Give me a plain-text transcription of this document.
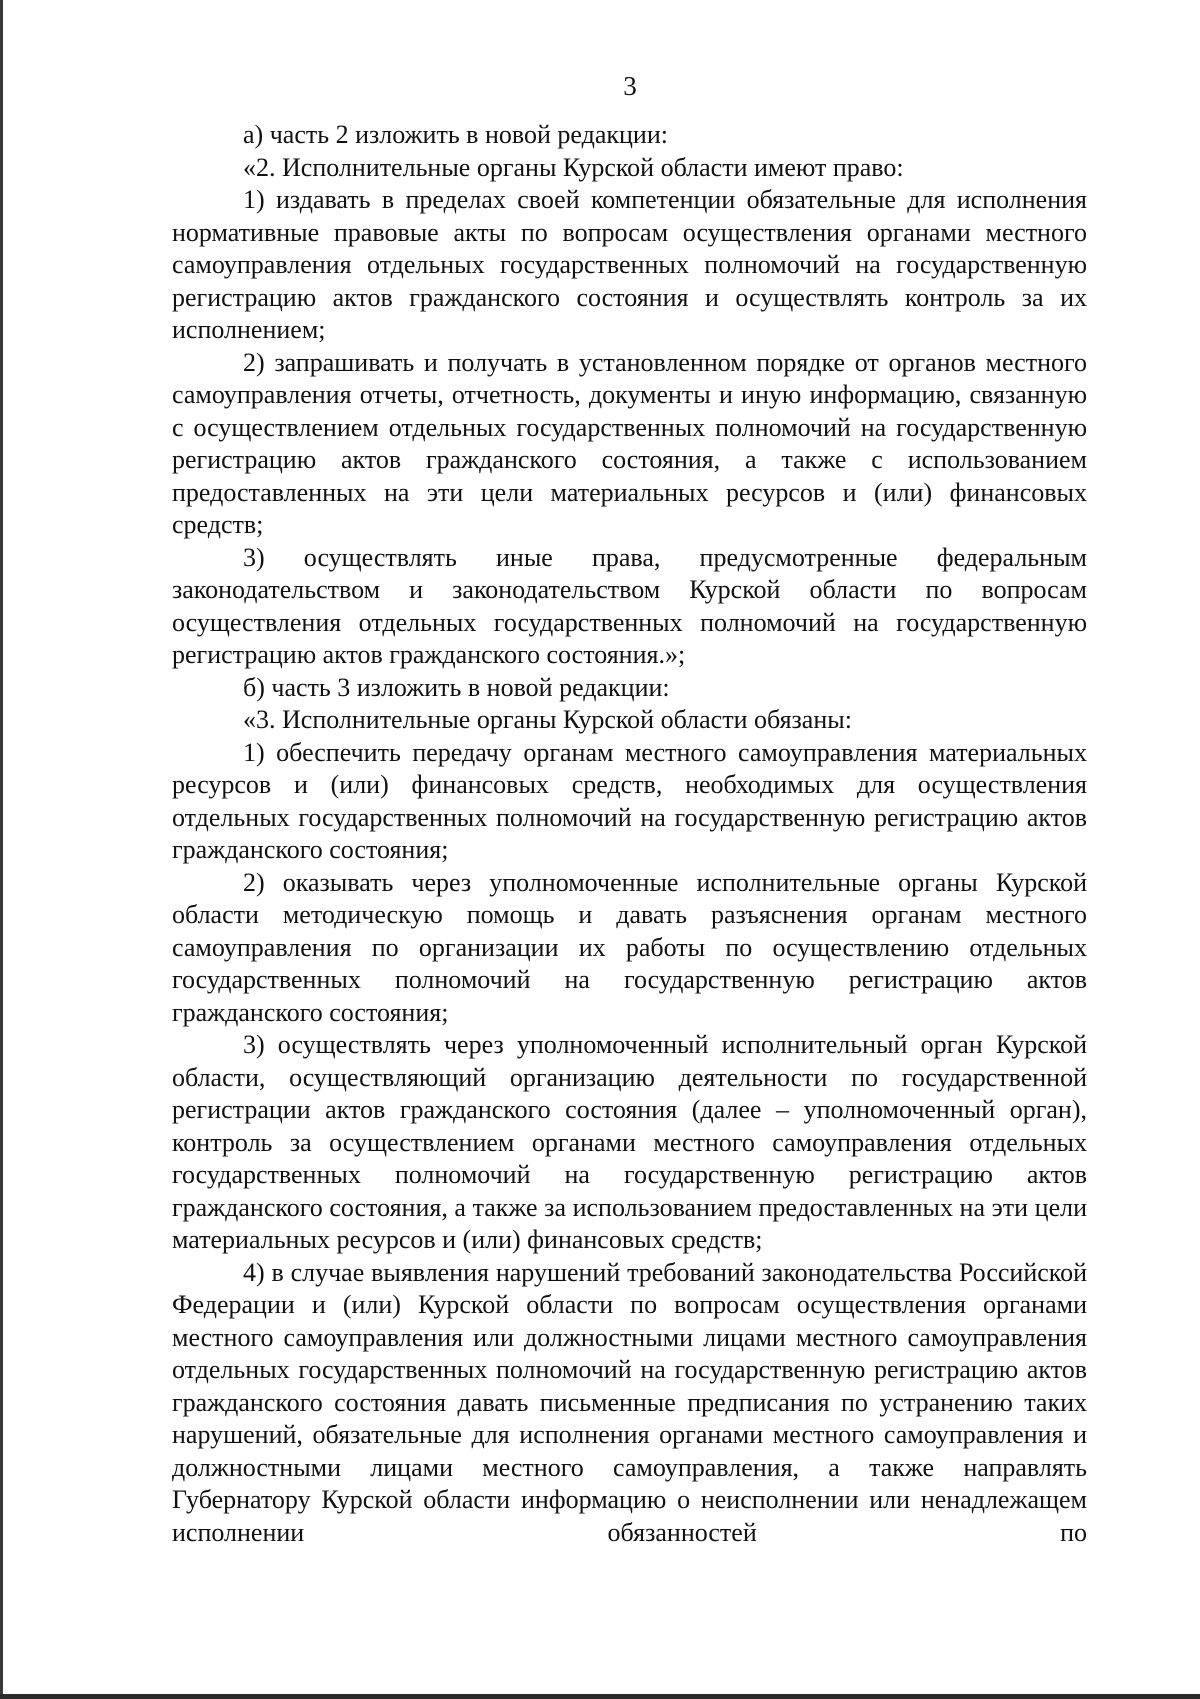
3

а) часть 2 изложить в новой редакции:

«2. Исполнительные органы Курской области имеют право:

1) издавать в пределах своей компетенции обязательные для исполнения нормативные правовые акты по вопросам осуществления органами местного самоуправления отдельных государственных полномочий на государственную регистрацию актов гражданского состояния и осуществлять контроль за их исполнением;

2) запрашивать и получать в установленном порядке от органов местного самоуправления отчеты, отчетность, документы и иную информацию, связанную с осуществлением отдельных государственных полномочий на государственную регистрацию актов гражданского состояния, а также с использованием предоставленных на эти цели материальных ресурсов и (или) финансовых средств;

3) осуществлять иные права, предусмотренные федеральным законодательством и законодательством Курской области по вопросам осуществления отдельных государственных полномочий на государственную регистрацию актов гражданского состояния.»;

б) часть 3 изложить в новой редакции:

«3. Исполнительные органы Курской области обязаны:

1) обеспечить передачу органам местного самоуправления материальных ресурсов и (или) финансовых средств, необходимых для осуществления отдельных государственных полномочий на государственную регистрацию актов гражданского состояния;

2) оказывать через уполномоченные исполнительные органы Курской области методическую помощь и давать разъяснения органам местного самоуправления по организации их работы по осуществлению отдельных государственных полномочий на государственную регистрацию актов гражданского состояния;

3) осуществлять через уполномоченный исполнительный орган Курской области, осуществляющий организацию деятельности по государственной регистрации актов гражданского состояния (далее – уполномоченный орган), контроль за осуществлением органами местного самоуправления отдельных государственных полномочий на государственную регистрацию актов гражданского состояния, а также за использованием предоставленных на эти цели материальных ресурсов и (или) финансовых средств;

4) в случае выявления нарушений требований законодательства Российской Федерации и (или) Курской области по вопросам осуществления органами местного самоуправления или должностными лицами местного самоуправления отдельных государственных полномочий на государственную регистрацию актов гражданского состояния давать письменные предписания по устранению таких нарушений, обязательные для исполнения органами местного самоуправления и должностными лицами местного самоуправления, а также направлять Губернатору Курской области информацию о неисполнении или ненадлежащем исполнении обязанностей по
